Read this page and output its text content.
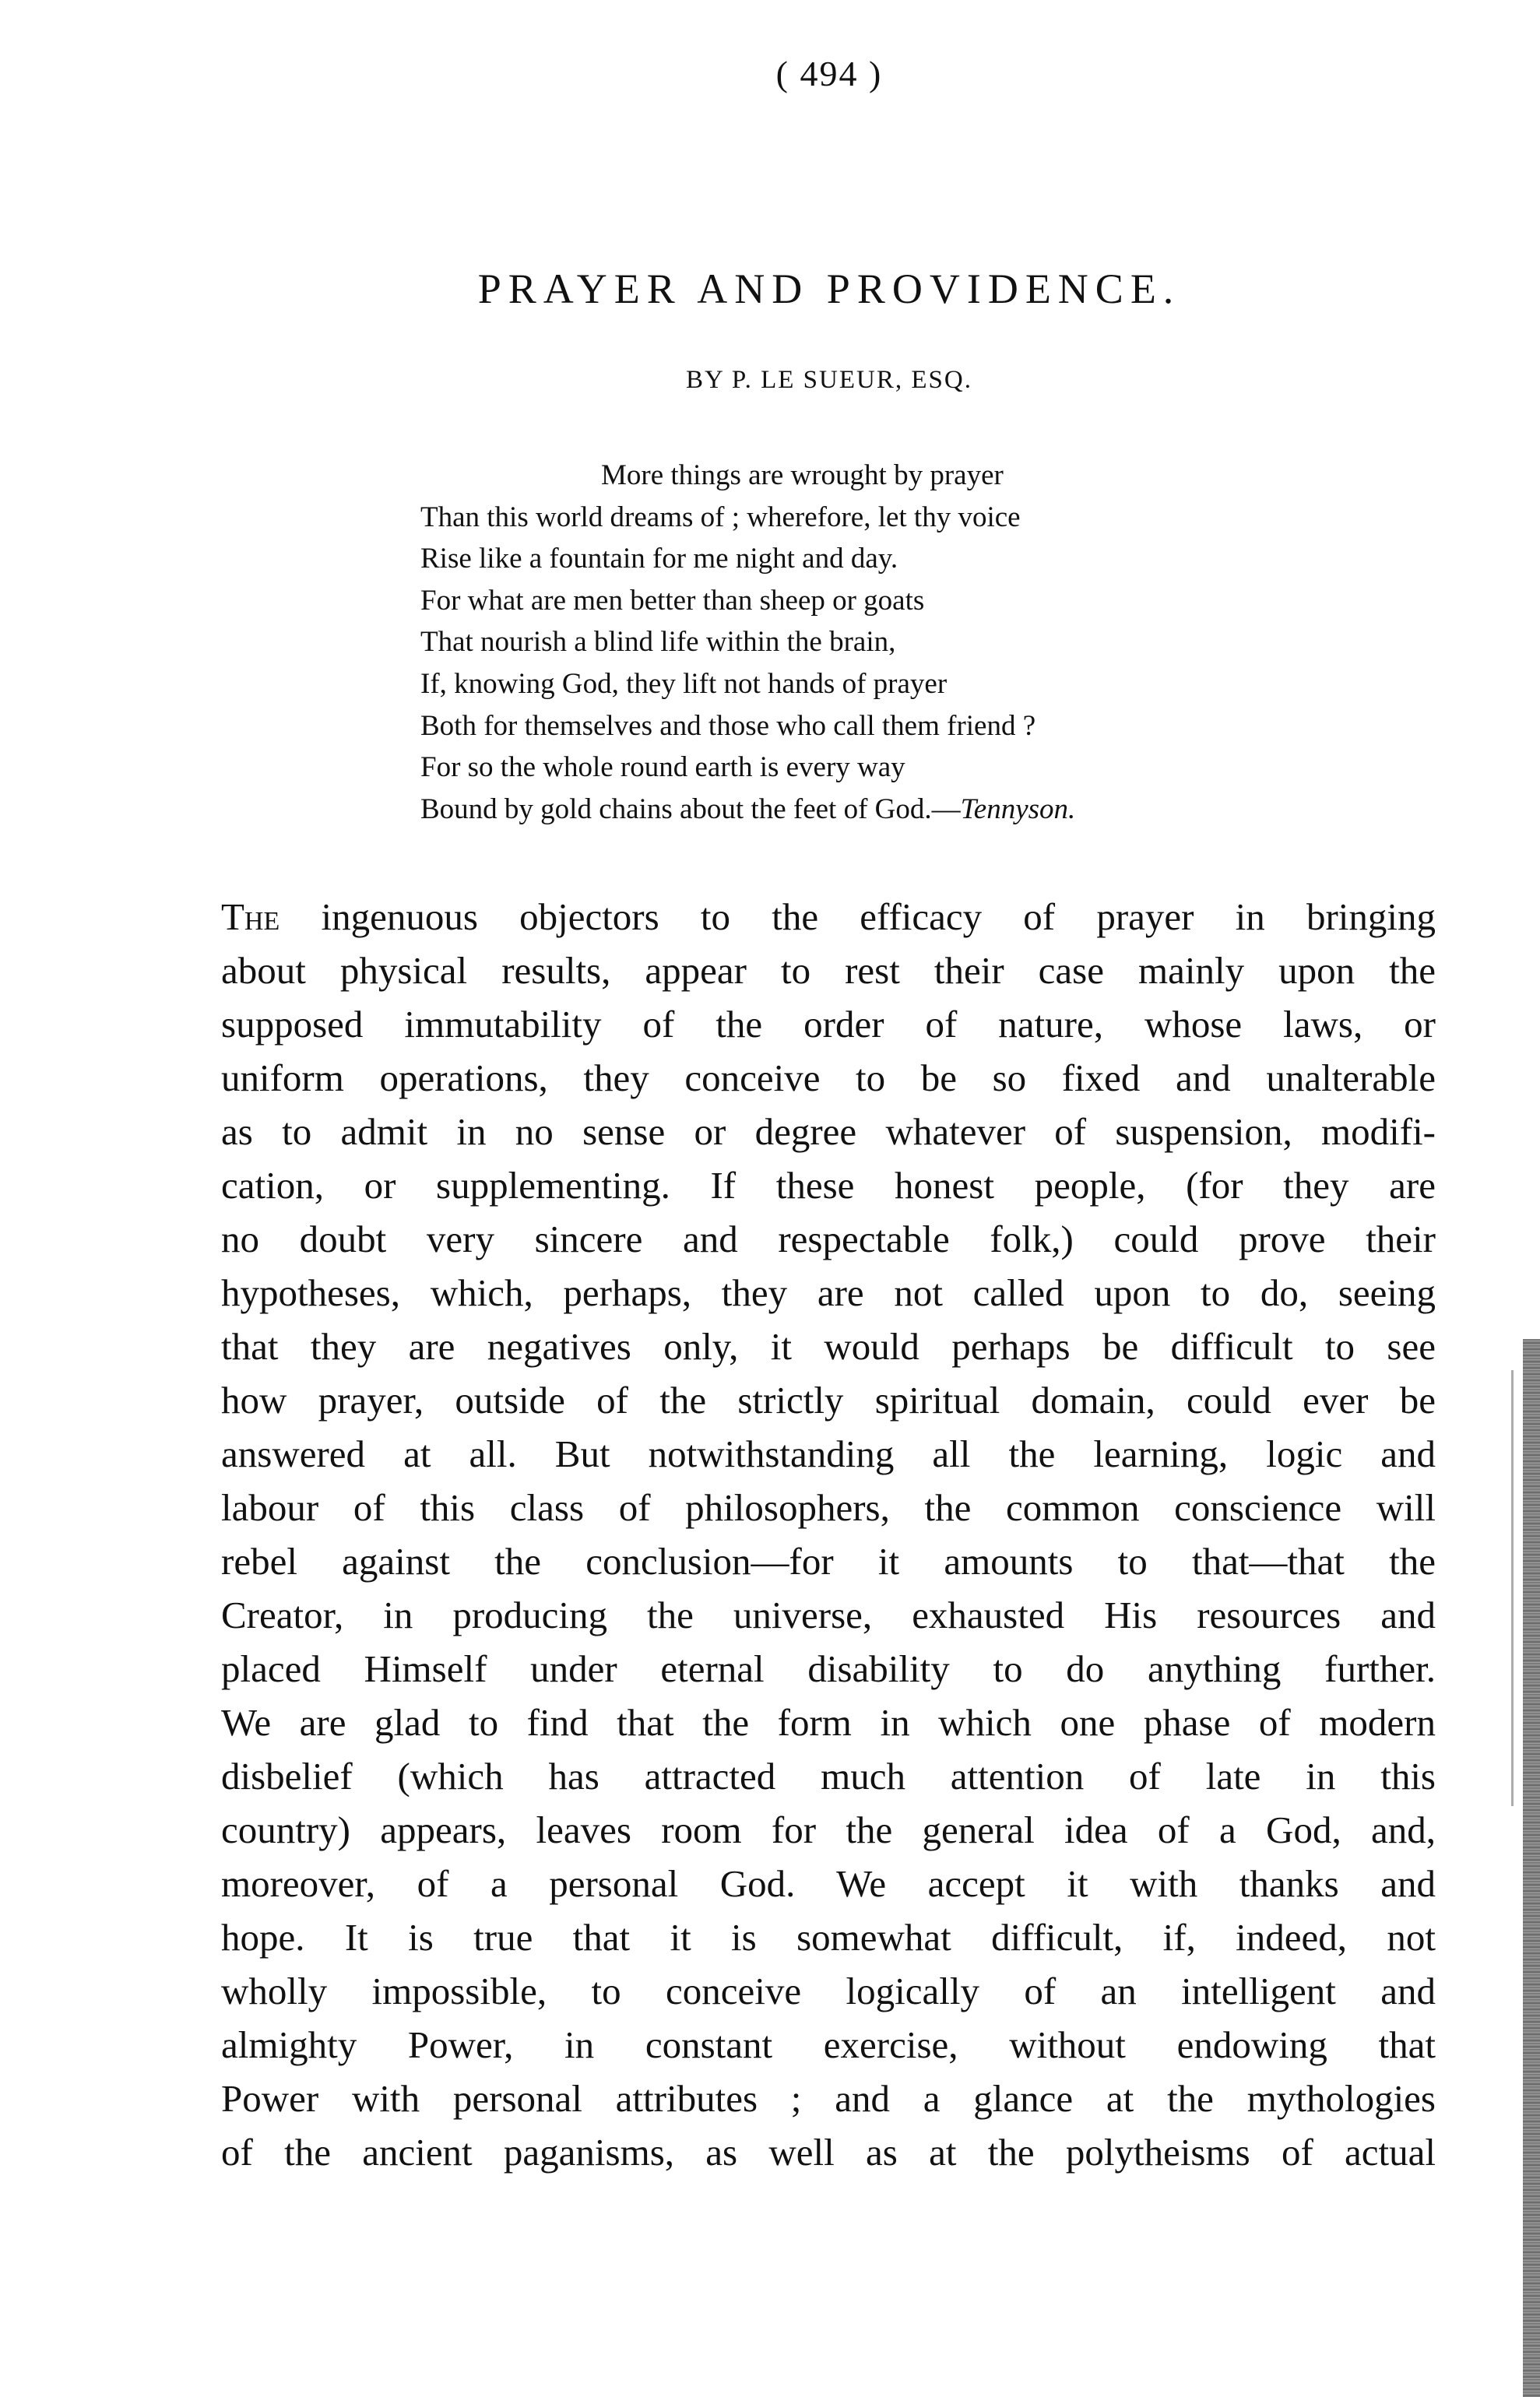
( 494 )
PRAYER AND PROVIDENCE.
BY P. LE SUEUR, ESQ.
More things are wrought by prayer
Than this world dreams of ; wherefore, let thy voice
Rise like a fountain for me night and day.
For what are men better than sheep or goats
That nourish a blind life within the brain,
If, knowing God, they lift not hands of prayer
Both for themselves and those who call them friend ?
For so the whole round earth is every way
Bound by gold chains about the feet of God.—Tennyson.
The ingenuous objectors to the efficacy of prayer in bringing
about physical results, appear to rest their case mainly upon the
supposed immutability of the order of nature, whose laws, or
uniform operations, they conceive to be so fixed and unalterable
as to admit in no sense or degree whatever of suspension, modifi-
cation, or supplementing. If these honest people, (for they are
no doubt very sincere and respectable folk,) could prove their
hypotheses, which, perhaps, they are not called upon to do, seeing
that they are negatives only, it would perhaps be difficult to see
how prayer, outside of the strictly spiritual domain, could ever be
answered at all. But notwithstanding all the learning, logic and
labour of this class of philosophers, the common conscience will
rebel against the conclusion—for it amounts to that—that the
Creator, in producing the universe, exhausted His resources and
placed Himself under eternal disability to do anything further.
We are glad to find that the form in which one phase of modern
disbelief (which has attracted much attention of late in this
country) appears, leaves room for the general idea of a God, and,
moreover, of a personal God. We accept it with thanks and
hope. It is true that it is somewhat difficult, if, indeed, not
wholly impossible, to conceive logically of an intelligent and
almighty Power, in constant exercise, without endowing that
Power with personal attributes ; and a glance at the mythologies
of the ancient paganisms, as well as at the polytheisms of actual
